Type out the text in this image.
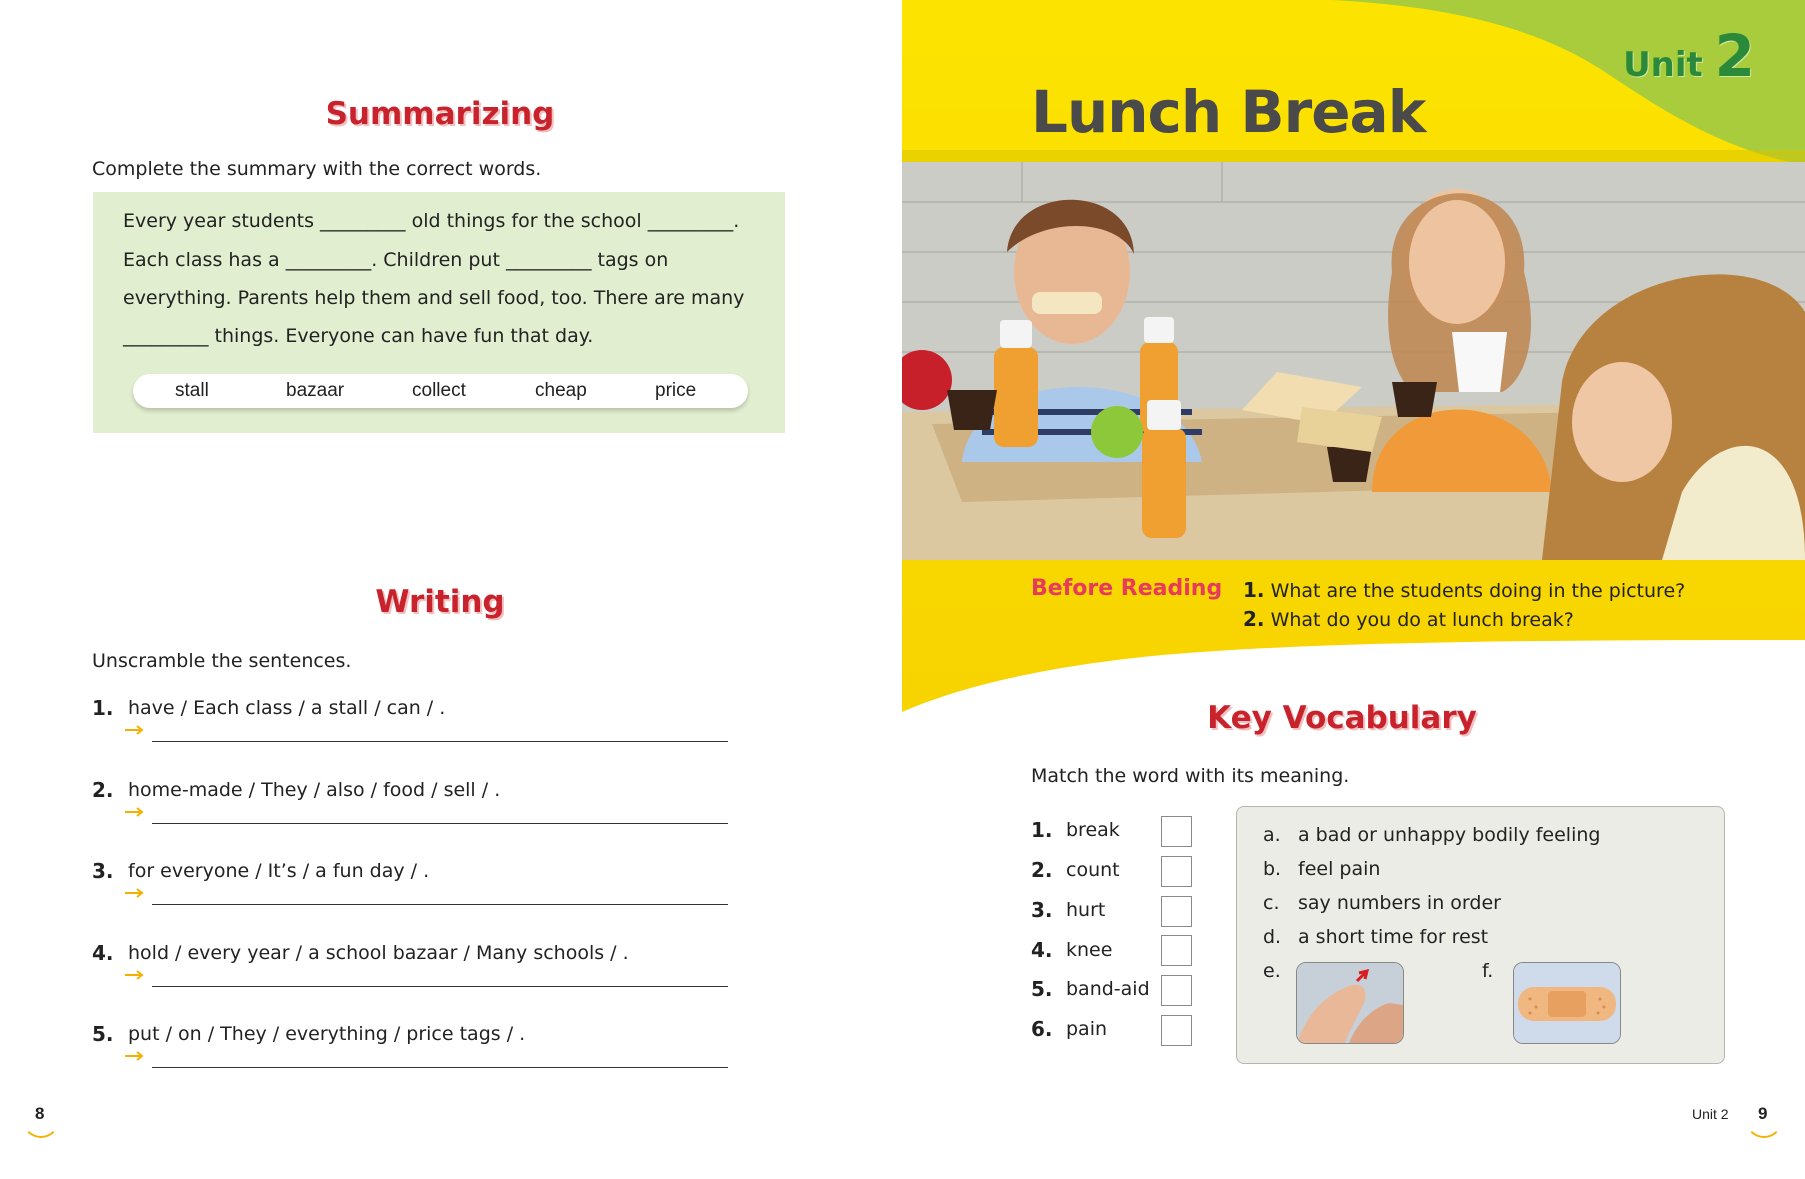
Summarizing
Complete the summary with the correct words.
Every year students _________ old things for the school _________.
Each class has a _________. Children put _________ tags on
everything. Parents help them and sell food, too. There are many
_________ things. Everyone can have fun that day.
stall	bazaar	collect	cheap	price
Writing
Unscramble the sentences.
1. have / Each class / a stall / can / .
2. home-made / They / also / food / sell / .
3. for everyone / It’s / a fun day / .
4. hold / every year / a school bazaar / Many schools / .
5. put / on / They / everything / price tags / .
8
Unit 2
Lunch Break
Before Reading 1. What are the students doing in the picture?
2. What do you do at lunch break?
Key Vocabulary
Match the word with its meaning.
1. break
2. count
3. hurt
4. knee
5. band-aid
6. pain
a. a bad or unhappy bodily feeling
b. feel pain
c. say numbers in order
d. a short time for rest
e.	f.
Unit 2 9
